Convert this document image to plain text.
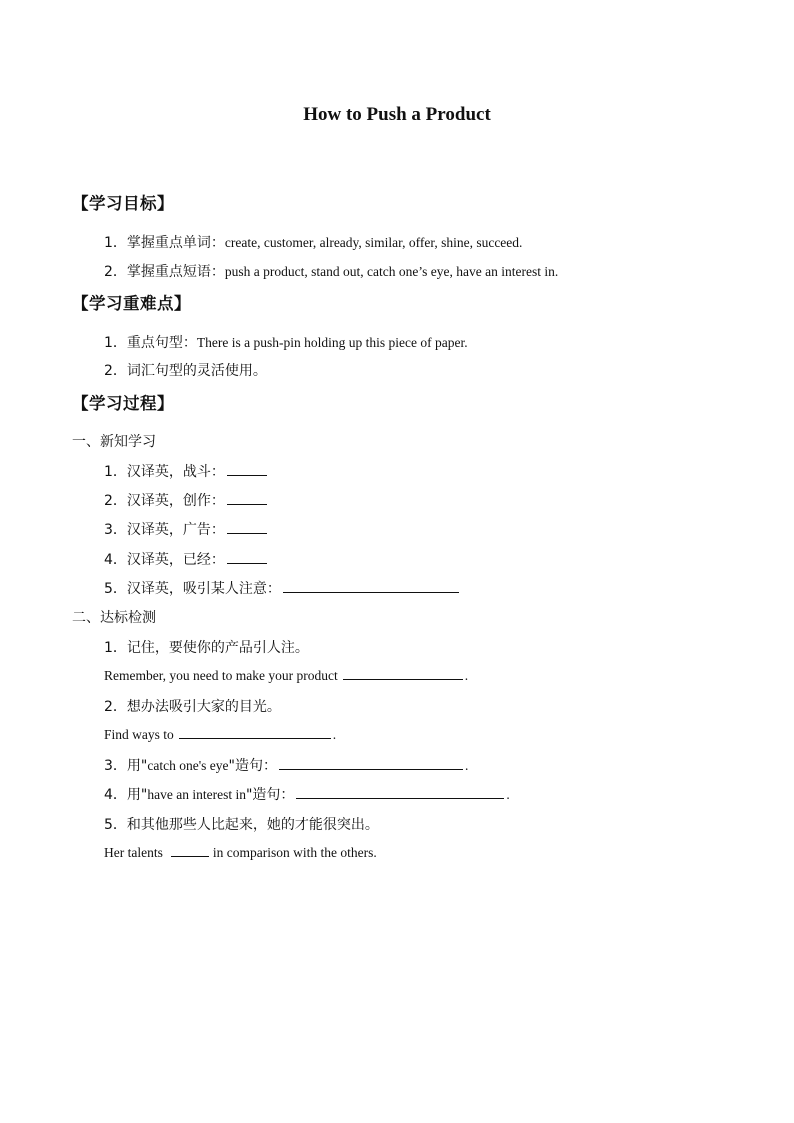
How to Push a Product
【学习目标】
1．掌握重点单词：create, customer, already, similar, offer, shine, succeed.
2．掌握重点短语：push a product, stand out, catch one’s eye, have an interest in.
【学习重难点】
1．重点句型：There is a push-pin holding up this piece of paper.
2．词汇句型的灵活使用。
【学习过程】
一、新知学习
1．汉译英，战斗：
2．汉译英，创作：
3．汉译英，广告：
4．汉译英，已经：
5．汉译英，吸引某人注意：
二、达标检测
1．记住，要使你的产品引人注。
Remember, you need to make your product	.
2．想办法吸引大家的目光。
Find ways to	.
3．用"catch one's eye"造句：	.
4．用"have an interest in"造句：	.
5．和其他那些人比起来，她的才能很突出。
Her talents	in comparison with the others.
